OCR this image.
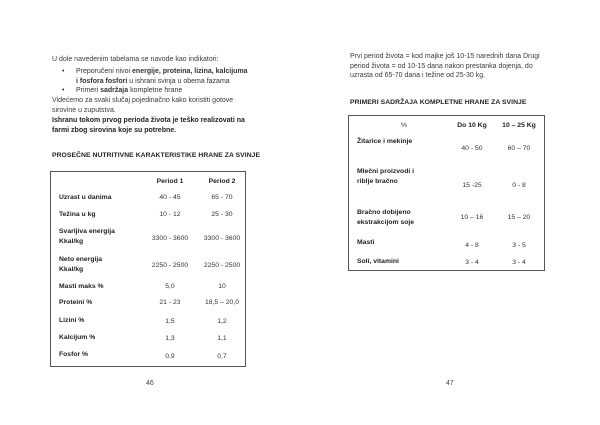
U dole navedenim tabelama se navode kao indikatori:
• Preporučeni nivoi energije, proteina, lizina, kalcijuma
i fosfora fosfori u ishrani svinja u obema fazama
• Primeri sadržaja kompletne hrane
Videćemo za svaki slučaj pojedinačno kako koristiti gotove
sirovine u zuputstva.
Ishranu tokom prvog perioda života je teško realizovati na
farmi zbog sirovina koje su potrebne.
PROSEČNE NUTRITIVNE KARAKTERISTIKE HRANE ZA SVINJE
Period 1	Period 2
Uzrast u danima	40 - 45	65 - 70
Težina u kg	10 - 12	25 - 30
Svarljiva energija
Kkal/kg	3300 - 3600	3300 - 3600
Neto energija
Kkal/kg
2250 - 2500	2250 - 2500
Masti maks %	5,0	10
Proteini %	21 - 23	18,5 – 20,0
Lizini %	1,5	1,2
Kalcijum %	1,3	1,1
Fosfor %	0,9	0,7
46
Prvi period života = kod majke još 10-15 narednih dana Drugi
period života = od 10-15 dana nakon prestanka dojenja, do
uzrasta od 65-70 dana i težine od 25-30 kg.
PRIMERI SADRŽAJA KOMPLETNE HRANE ZA SVINJE
%	Do 10 Kg	10 – 25 Kg
Žitarice i mekinje
40 - 50	60 – 70
Mlečni proizvodi i
riblje bračno
15 -25	0 - 8
Bračno dobijeno
ekstrakcijom soje
10 – 16	15 – 20
Masti	4 - 8	3 - 5
Soli, vitamini	3 - 4	3 - 4
47
